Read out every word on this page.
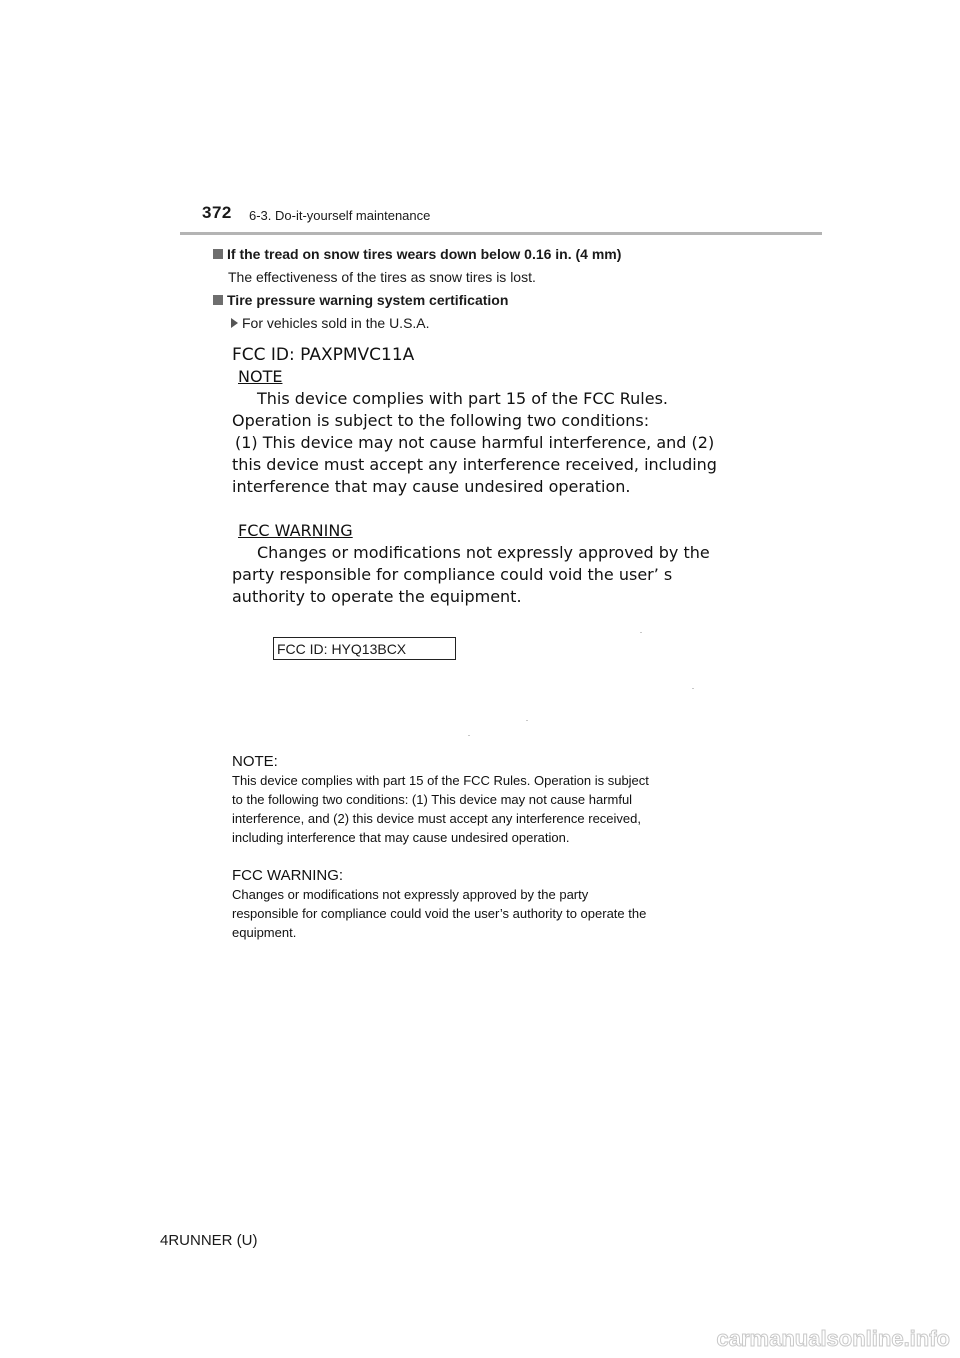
372 6-3. Do-it-yourself maintenance
If the tread on snow tires wears down below 0.16 in. (4 mm)
The effectiveness of the tires as snow tires is lost.
Tire pressure warning system certification
For vehicles sold in the U.S.A.
FCC ID: PAXPMVC11A
NOTE
This device complies with part 15 of the FCC Rules.
Operation is subject to the following two conditions:
(1) This device may not cause harmful interference, and (2)
this device must accept any interference received, including
interference that may cause undesired operation.
FCC WARNING
Changes or modifications not expressly approved by the
party responsible for compliance could void the user’ s
authority to operate the equipment.
FCC ID: HYQ13BCX
NOTE:
This device complies with part 15 of the FCC Rules. Operation is subject
to the following two conditions: (1) This device may not cause harmful
interference, and (2) this device must accept any interference received,
including interference that may cause undesired operation.
FCC WARNING:
Changes or modifications not expressly approved by the party
responsible for compliance could void the user’s authority to operate the
equipment.
4RUNNER (U)
carmanualsonline.info
